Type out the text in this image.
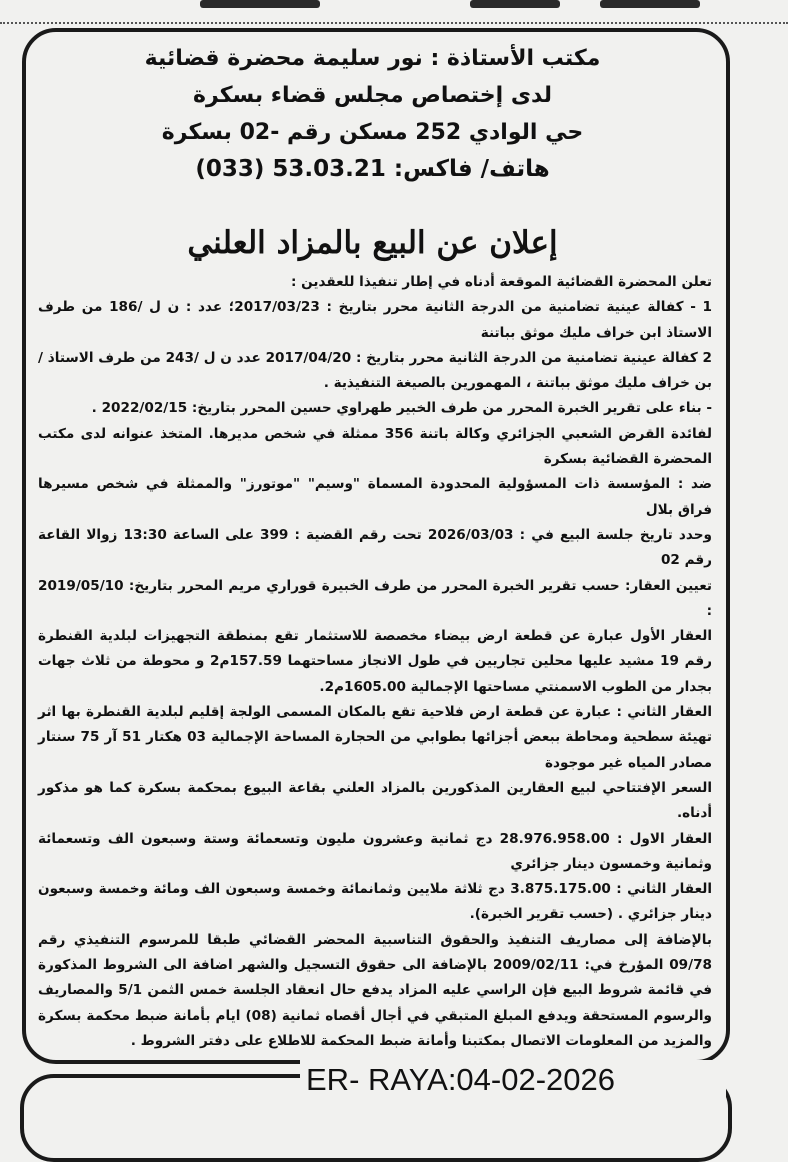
مكتب الأستاذة : نور سليمة محضرة قضائية
لدى إختصاص مجلس قضاء بسكرة
حي الوادي 252 مسكن رقم -02 بسكرة
هاتف/ فاكس: 53.03.21 (033)
إعلان عن البيع بالمزاد العلني

تعلن المحضرة القضائية الموقعة أدناه في إطار تنفيذا للعقدين :

1 - كفالة عينية تضامنية من الدرجة الثانية محرر بتاريخ : 2017/03/23؛ عدد : ن ل /186 من طرف الاستاذ ابن خراف مليك موثق بباتنة

2 كفالة عينية تضامنية من الدرجة الثانية محرر بتاريخ : 2017/04/20 عدد ن ل /243 من طرف الاستاذ /بن خراف مليك موثق بباتنة ، المهمورين بالصيغة التنفيذية .

- بناء على تقرير الخبرة المحرر من طرف الخبير طهراوي حسين المحرر بتاريخ: 2022/02/15 .

لفائدة القرض الشعبي الجزائري وكالة باتنة 356 ممثلة في شخص مديرها. المتخذ عنوانه لدى مكتب المحضرة القضائية بسكرة

ضد : المؤسسة ذات المسؤولية المحدودة المسماة "وسيم" "موتورز" والممثلة في شخص مسيرها فراق بلال

وحدد تاريخ جلسة البيع في : 2026/03/03 تحت رقم القضية : 399 على الساعة 13:30 زوالا القاعة رقم 02

تعيين العقار: حسب تقرير الخبرة المحرر من طرف الخبيرة قوراري مريم المحرر بتاريخ: 2019/05/10 :

العقار الأول عبارة عن قطعة ارض بيضاء مخصصة للاستثمار تقع بمنطقة التجهيزات لبلدية القنطرة رقم 19 مشيد عليها محلين تجاريين في طول الانجاز مساحتهما 157.59م2 و محوطة من ثلاث جهات بجدار من الطوب الاسمنتي مساحتها الإجمالية 1605.00م2.

العقار الثاني : عبارة عن قطعة ارض فلاحية تقع بالمكان المسمى الولجة إقليم لبلدية القنطرة بها اثر تهيئة سطحية ومحاطة ببعض أجزائها بطوابي من الحجارة المساحة الإجمالية 03 هكتار 51 آر 75 سنتار مصادر المياه غير موجودة

السعر الإفتتاحي لبيع العقارين المذكورين بالمزاد العلني بقاعة البيوع بمحكمة بسكرة كما هو مذكور أدناه.

العقار الاول : 28.976.958.00 دج ثمانية وعشرون مليون وتسعمائة وستة وسبعون الف وتسعمائة وثمانية وخمسون دينار جزائري

العقار الثاني : 3.875.175.00 دج ثلاثة ملايين وثمانمائة وخمسة وسبعون الف ومائة وخمسة وسبعون دينار جزائري . (حسب تقرير الخبرة).

بالإضافة إلى مصاريف التنفيذ والحقوق التناسبية المحضر القضائي طبقا للمرسوم التنفيذي رقم 09/78 المؤرخ في: 2009/02/11 بالإضافة الى حقوق التسجيل والشهر اضافة الى الشروط المذكورة في قائمة شروط البيع فإن الراسي عليه المزاد يدفع حال انعقاد الجلسة خمس الثمن 5/1 والمصاريف والرسوم المستحقة ويدفع المبلغ المتبقي في أجال أقصاه ثمانية (08) ايام بأمانة ضبط محكمة بسكرة والمزيد من المعلومات الاتصال بمكتبنا وأمانة ضبط المحكمة للاطلاع على دفتر الشروط .

ER- RAYA:04-02-2026
